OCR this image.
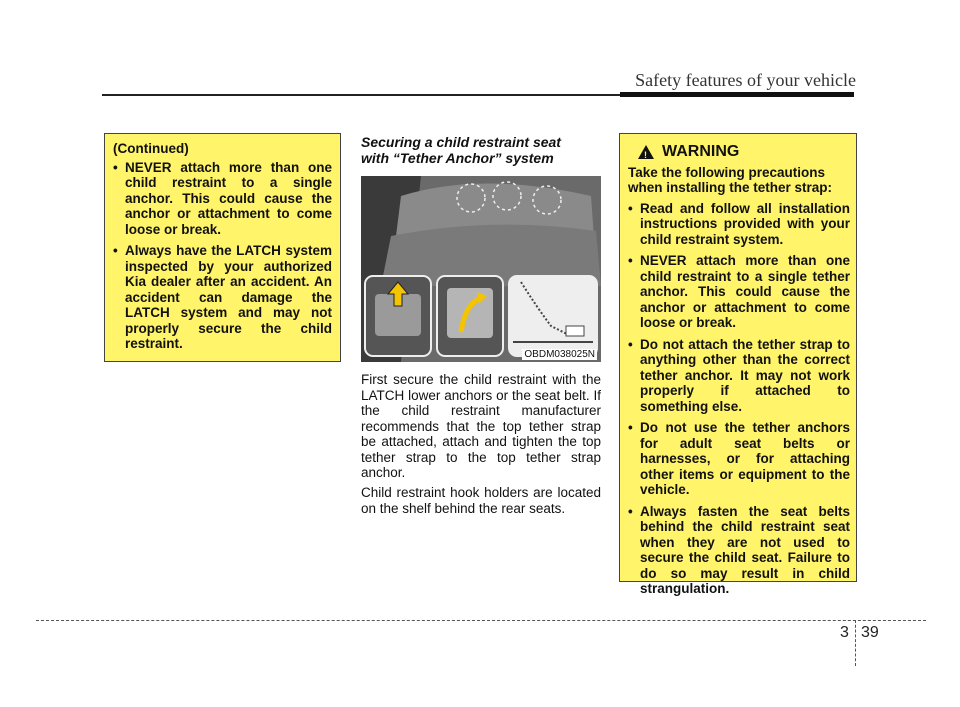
Safety features of your vehicle
(Continued)
• NEVER attach more than one child restraint to a single anchor. This could cause the anchor or attachment to come loose or break.
• Always have the LATCH system inspected by your authorized Kia dealer after an accident. An accident can damage the LATCH system and may not properly secure the child restraint.
Securing a child restraint seat
with “Tether Anchor” system
OBDM038025N
First secure the child restraint with the LATCH lower anchors or the seat belt. If the child restraint manufacturer recommends that the top tether strap be attached, attach and tighten the top tether strap to the top tether strap anchor.
Child restraint hook holders are located on the shelf behind the rear seats.
! WARNING
Take the following precautions when installing the tether strap:
• Read and follow all installation instructions provided with your child restraint system.
• NEVER attach more than one child restraint to a single tether anchor. This could cause the anchor or attachment to come loose or break.
• Do not attach the tether strap to anything other than the correct tether anchor. It may not work properly if attached to something else.
• Do not use the tether anchors for adult seat belts or harnesses, or for attaching other items or equipment to the vehicle.
• Always fasten the seat belts behind the child restraint seat when they are not used to secure the child seat. Failure to do so may result in child strangulation.
3 39
